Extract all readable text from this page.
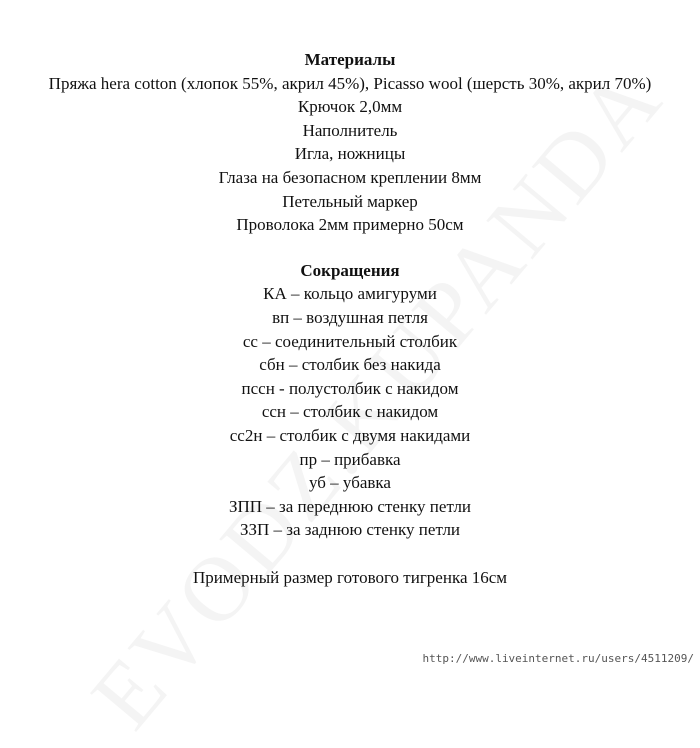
Материалы
Пряжа hera cotton (хлопок 55%, акрил 45%), Picasso wool (шерсть 30%, акрил 70%)
Крючок 2,0мм
Наполнитель
Игла, ножницы
Глаза на безопасном креплении 8мм
Петельный маркер
Проволока 2мм примерно 50см
Сокращения
КА – кольцо амигуруми
вп – воздушная петля
сс – соединительный столбик
сбн – столбик без накида
пссн - полустолбик с накидом
ссн – столбик с накидом
сс2н – столбик с двумя накидами
пр – прибавка
уб – убавка
ЗПП – за переднюю стенку петли
ЗЗП – за заднюю стенку петли
Примерный размер готового тигренка 16см
http://www.liveinternet.ru/users/4511209/
